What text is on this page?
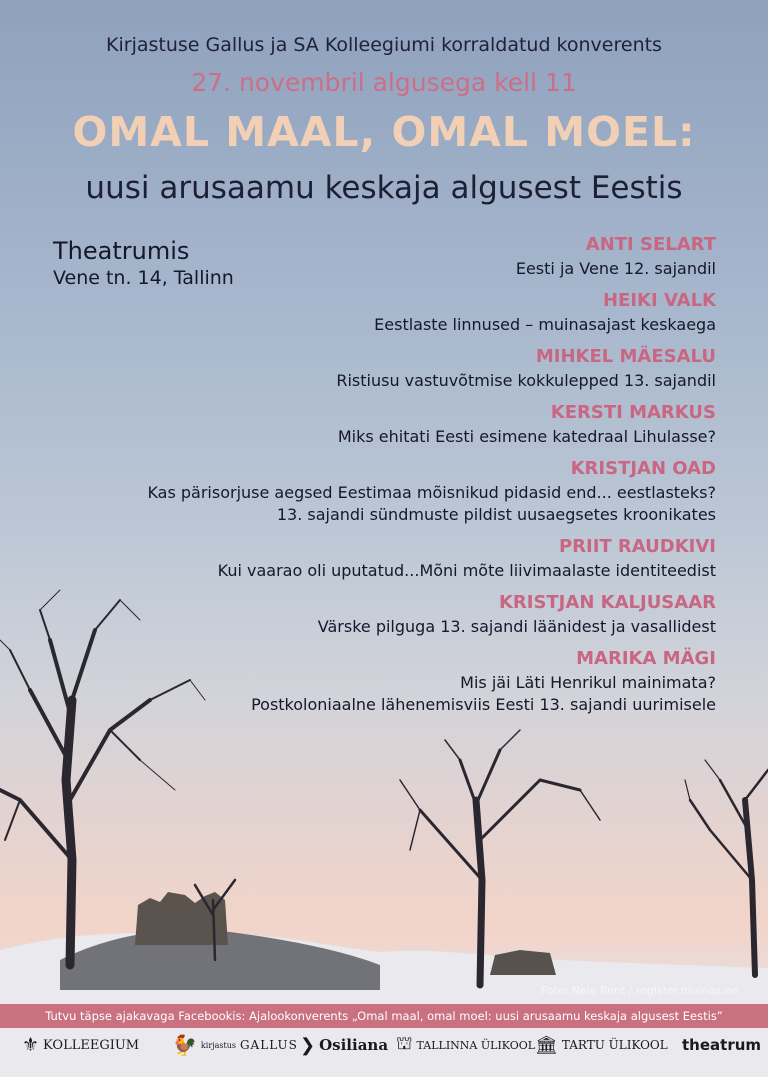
Kirjastuse Gallus ja SA Kolleegiumi korraldatud konverents
27. novembril algusega kell 11
OMAL MAAL, OMAL MOEL:
uusi arusaamu keskaja algusest Eestis
Theatrumis
Vene tn. 14, Tallinn
ANTI SELART
Eesti ja Vene 12. sajandil
HEIKI VALK
Eestlaste linnused – muinasajast keskaega
MIHKEL MÄESALU
Ristiusu vastuvõtmise kokkulepped 13. sajandil
KERSTI MARKUS
Miks ehitati Eesti esimene katedraal Lihulasse?
KRISTJAN OAD
Kas pärisorjuse aegsed Eestimaa mõisnikud pidasid end... eestlasteks?
13. sajandi sündmuste pildist uusaegsetes kroonikates
PRIIT RAUDKIVI
Kui vaarao oli uputatud...Mõni mõte liivimaalaste identiteedist
KRISTJAN KALJUSAAR
Värske pilguga 13. sajandi läänidest ja vasallidest
MARIKA MÄGI
Mis jäi Läti Henrikul mainimata?
Postkoloniaalne lähenemisviis Eesti 13. sajandi uurimisele
Foto: Nele Rent / register.muinas.ee
Tutvu täpse ajakavaga Facebookis: Ajalookonverents „Omal maal, omal moel: uusi arusaamu keskaja algusest Eestis”
⚜ KOLLEEGIUM 🐓 kirjastus GALLUS ❯ Osiliana ⛫ TALLINNA ÜLIKOOL 🏛 TARTU ÜLIKOOL theatrum
